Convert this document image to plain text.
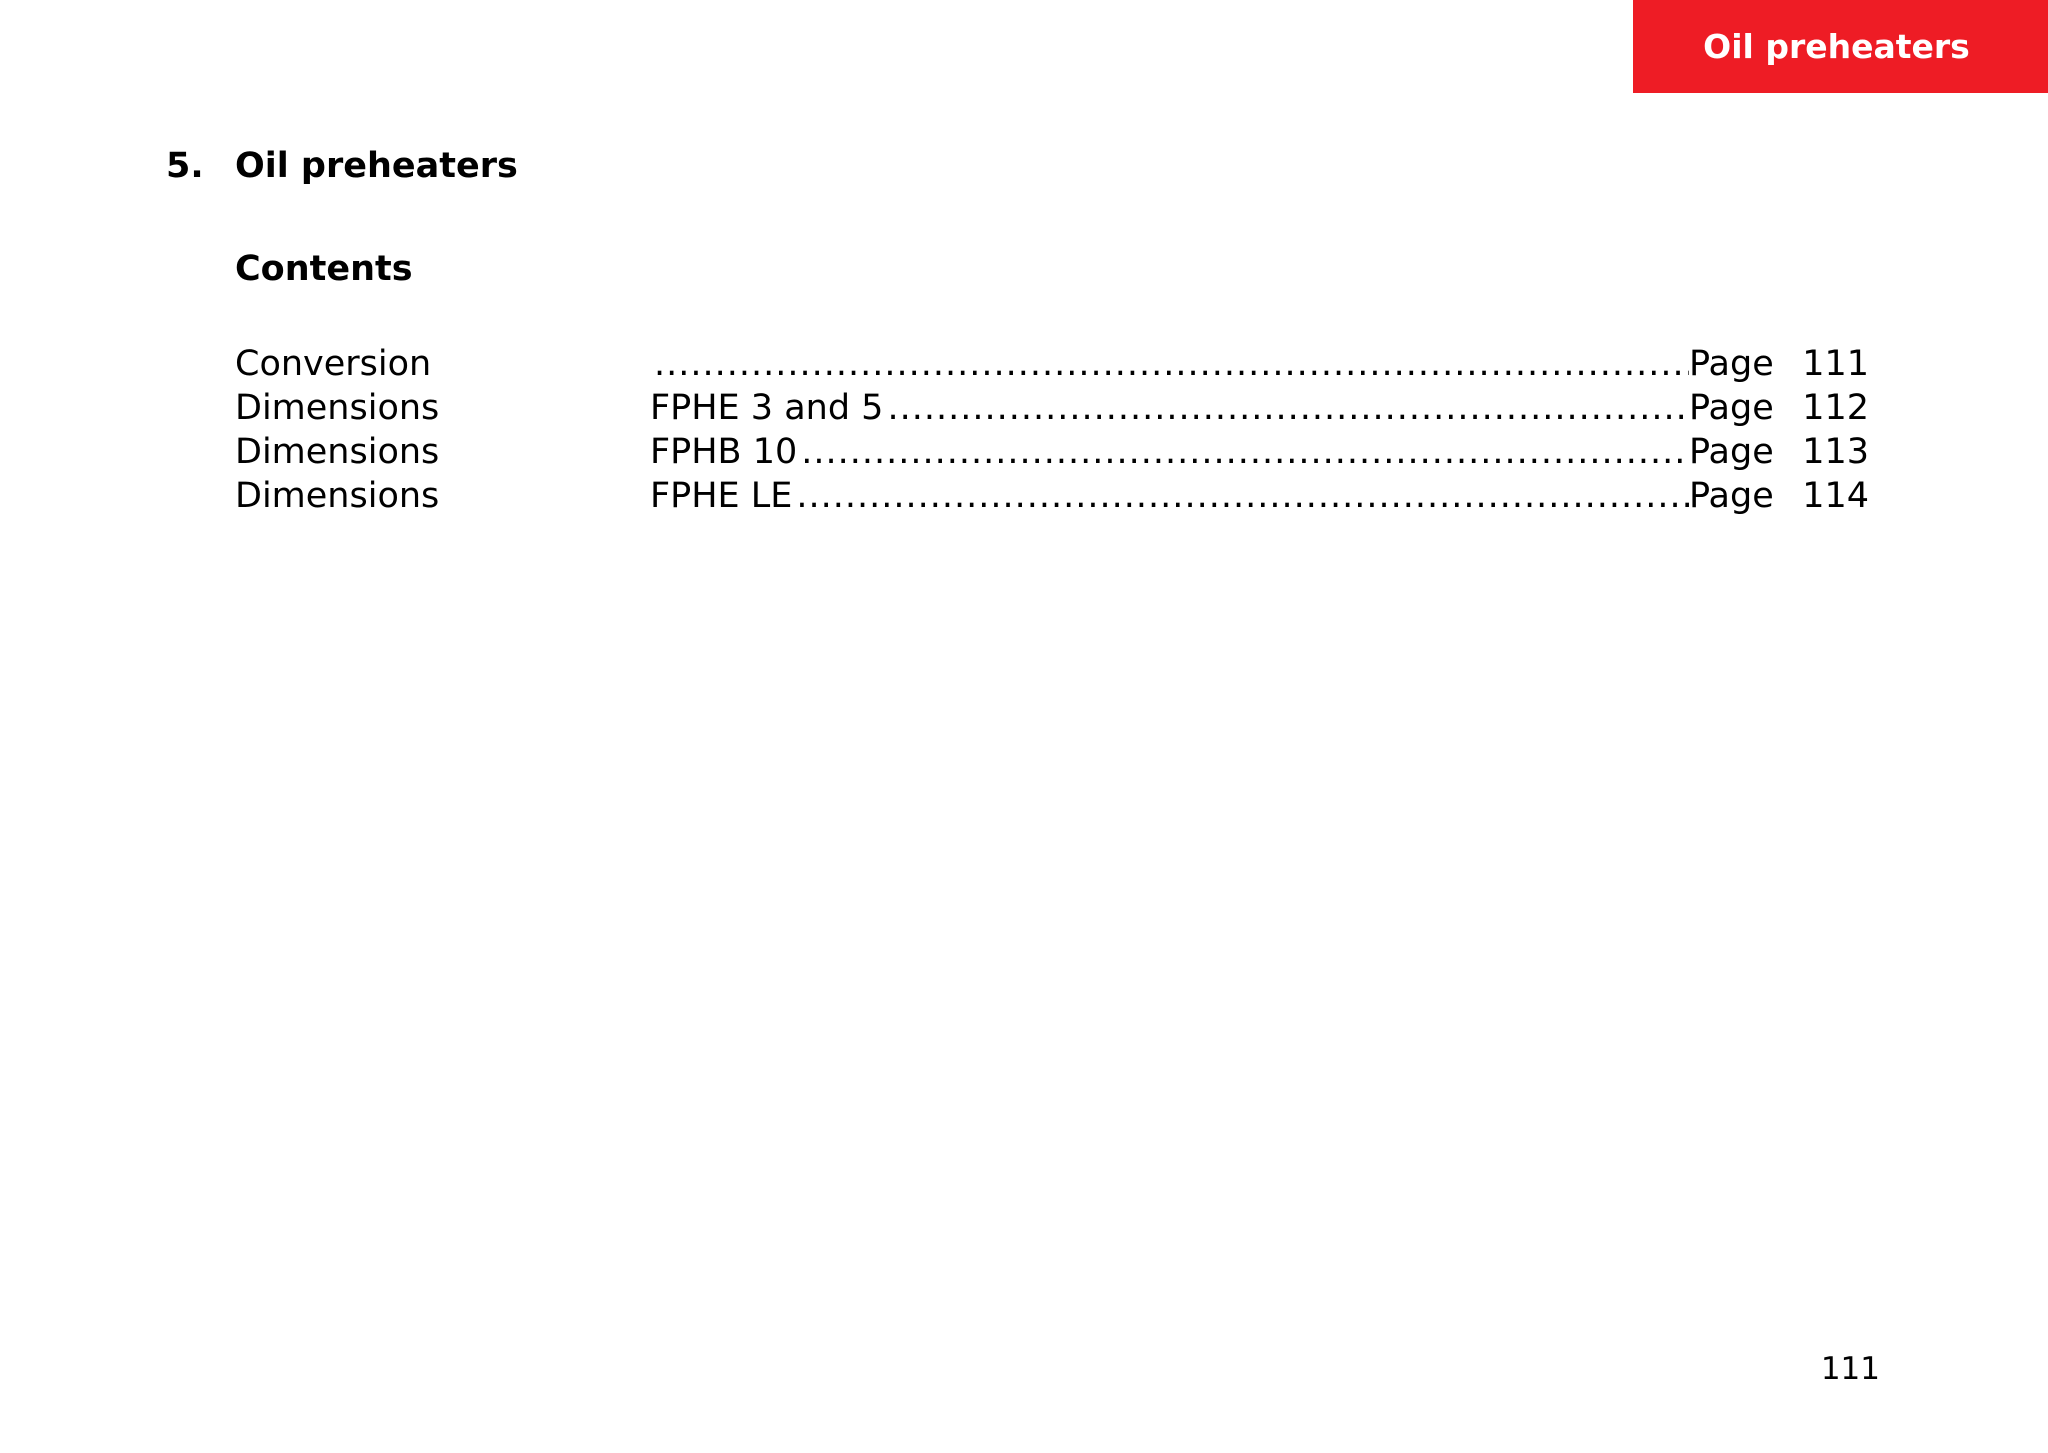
Oil preheaters
5. Oil preheaters
Contents
Conversion .....	Page 111
Dimensions	FPHE 3 and 5 .....	Page 112
Dimensions	FPHB 10 .....	Page 113
Dimensions	FPHE LE .....	Page 114
111
